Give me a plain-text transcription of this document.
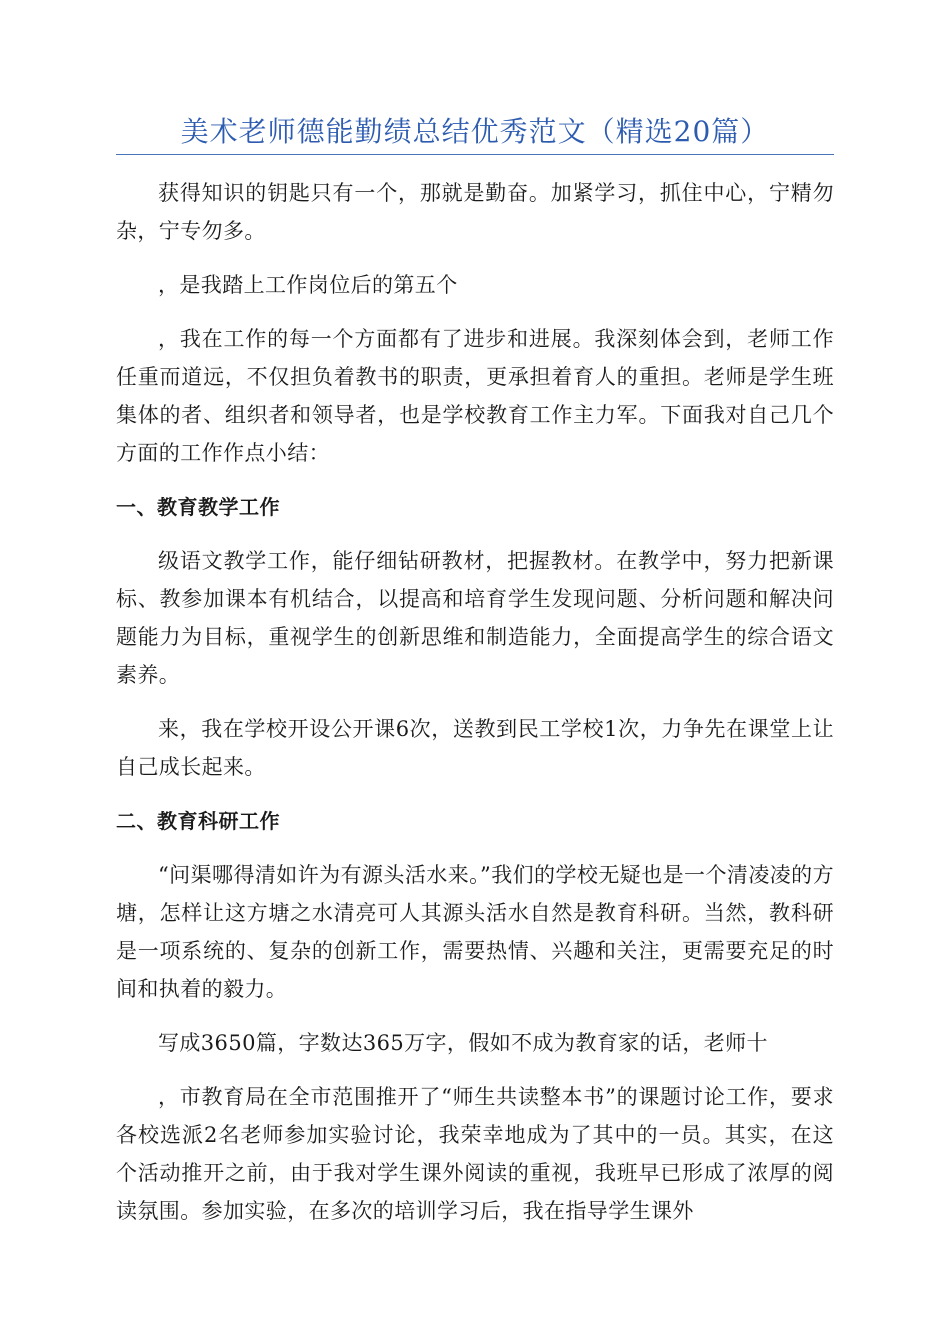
美术老师德能勤绩总结优秀范文（精选20篇）

获得知识的钥匙只有一个，那就是勤奋。加紧学习，抓住中心，宁精勿杂，宁专勿多。

，是我踏上工作岗位后的第五个

，我在工作的每一个方面都有了进步和进展。我深刻体会到，老师工作任重而道远，不仅担负着教书的职责，更承担着育人的重担。老师是学生班集体的者、组织者和领导者，也是学校教育工作主力军。下面我对自己几个方面的工作作点小结：

一、教育教学工作

级语文教学工作，能仔细钻研教材，把握教材。在教学中，努力把新课标、教参加课本有机结合，以提高和培育学生发现问题、分析问题和解决问题能力为目标，重视学生的创新思维和制造能力，全面提高学生的综合语文素养。

来，我在学校开设公开课6次，送教到民工学校1次，力争先在课堂上让自己成长起来。

二、教育科研工作

“问渠哪得清如许为有源头活水来。”我们的学校无疑也是一个清凌凌的方塘，怎样让这方塘之水清亮可人其源头活水自然是教育科研。当然，教科研是一项系统的、复杂的创新工作，需要热情、兴趣和关注，更需要充足的时间和执着的毅力。

写成3650篇，字数达365万字，假如不成为教育家的话，老师十

，市教育局在全市范围推开了“师生共读整本书”的课题讨论工作，要求各校选派2名老师参加实验讨论，我荣幸地成为了其中的一员。其实，在这个活动推开之前，由于我对学生课外阅读的重视，我班早已形成了浓厚的阅读氛围。参加实验，在多次的培训学习后，我在指导学生课外
